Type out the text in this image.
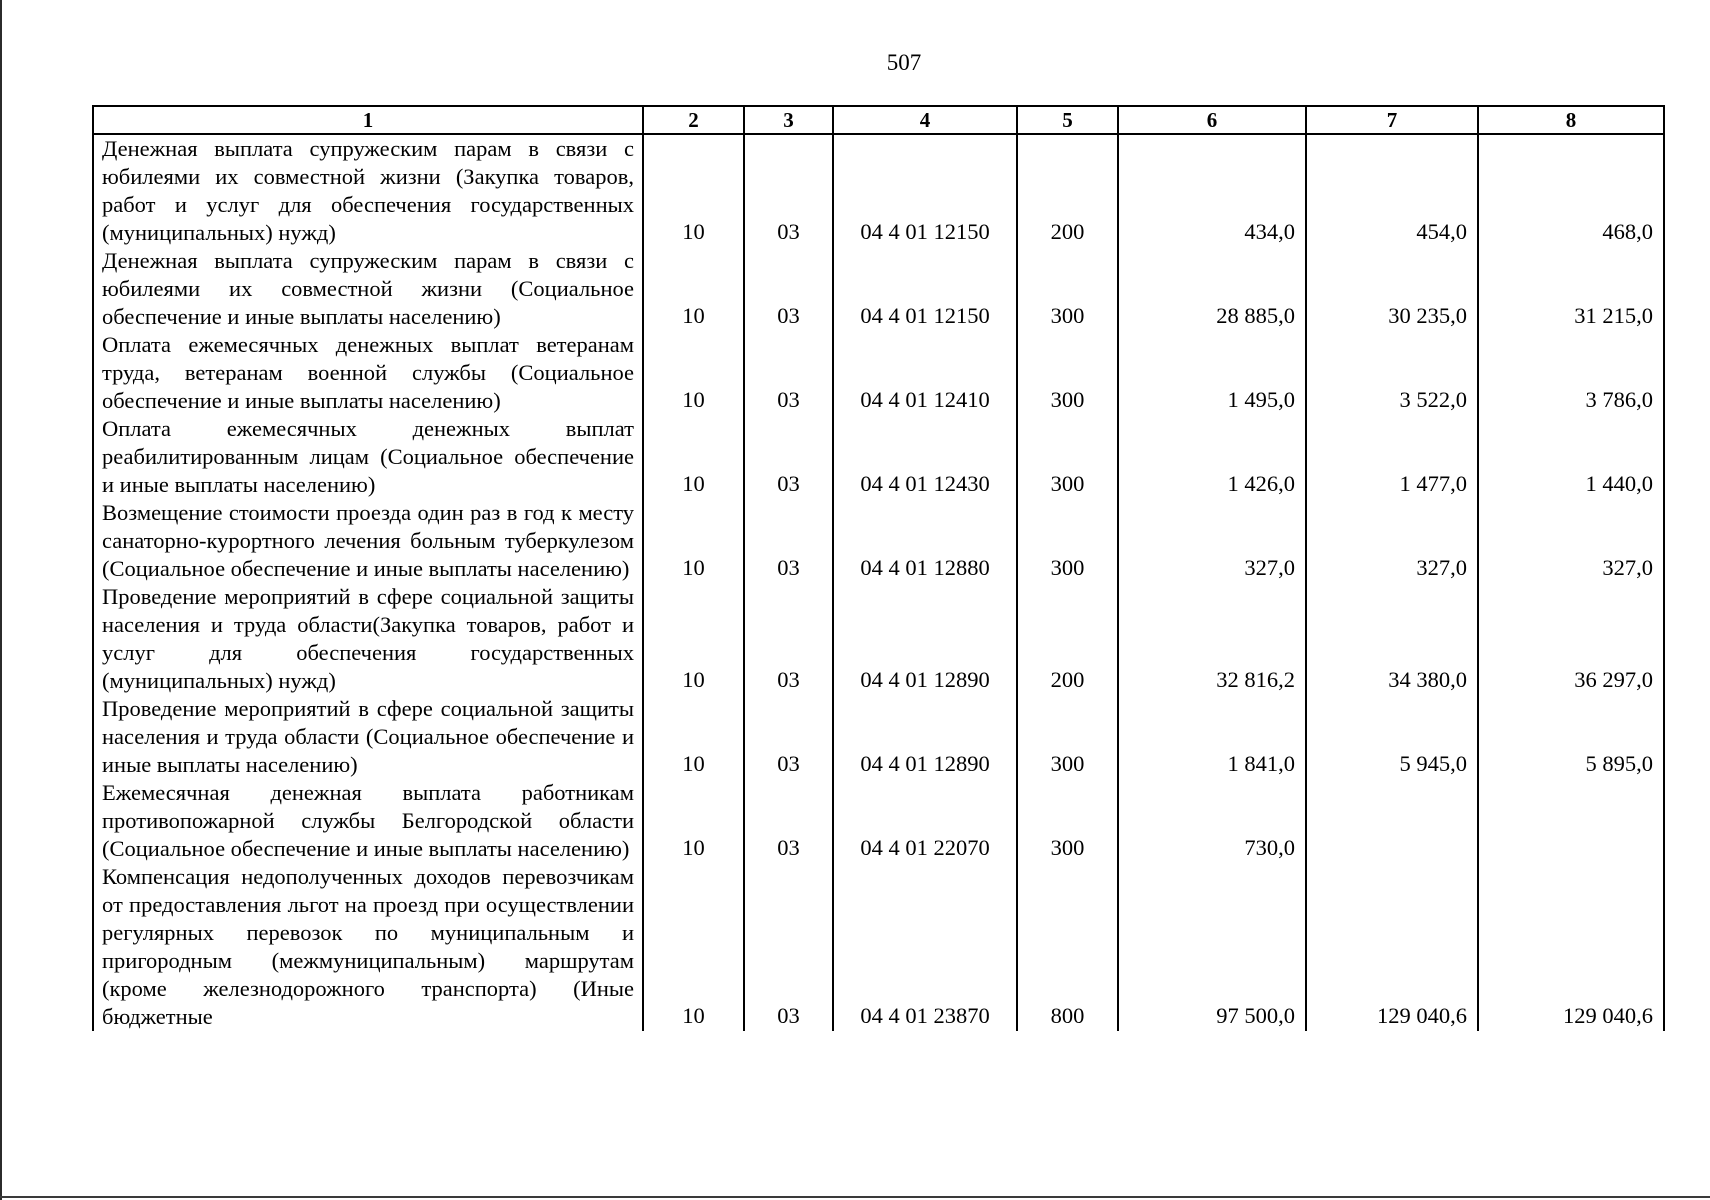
507
1	2	3	4	5	6	7	8
Денежная выплата супружеским парам в связи с юбилеями их совместной жизни (Закупка товаров, работ и услуг для обеспечения государственных (муниципальных) нужд)	10	03	04 4 01 12150	200	434,0	454,0	468,0
Денежная выплата супружеским парам в связи с юбилеями их совместной жизни (Социальное обеспечение и иные выплаты населению)	10	03	04 4 01 12150	300	28 885,0	30 235,0	31 215,0
Оплата ежемесячных денежных выплат ветеранам труда, ветеранам военной службы (Социальное обеспечение и иные выплаты населению)	10	03	04 4 01 12410	300	1 495,0	3 522,0	3 786,0
Оплата ежемесячных денежных выплат реабилитированным лицам (Социальное обеспечение и иные выплаты населению)	10	03	04 4 01 12430	300	1 426,0	1 477,0	1 440,0
Возмещение стоимости проезда один раз в год к месту санаторно-курортного лечения больным туберкулезом (Социальное обеспечение и иные выплаты населению)	10	03	04 4 01 12880	300	327,0	327,0	327,0
Проведение мероприятий в сфере социальной защиты населения и труда области(Закупка товаров, работ и услуг для обеспечения государственных (муниципальных) нужд)	10	03	04 4 01 12890	200	32 816,2	34 380,0	36 297,0
Проведение мероприятий в сфере социальной защиты населения и труда области (Социальное обеспечение и иные выплаты населению)	10	03	04 4 01 12890	300	1 841,0	5 945,0	5 895,0
Ежемесячная денежная выплата работникам противопожарной службы Белгородской области (Социальное обеспечение и иные выплаты населению)	10	03	04 4 01 22070	300	730,0		
Компенсация недополученных доходов перевозчикам от предоставления льгот на проезд при осуществлении регулярных перевозок по муниципальным и пригородным (межмуниципальным) маршрутам (кроме железнодорожного транспорта) (Иные бюджетные	10	03	04 4 01 23870	800	97 500,0	129 040,6	129 040,6
